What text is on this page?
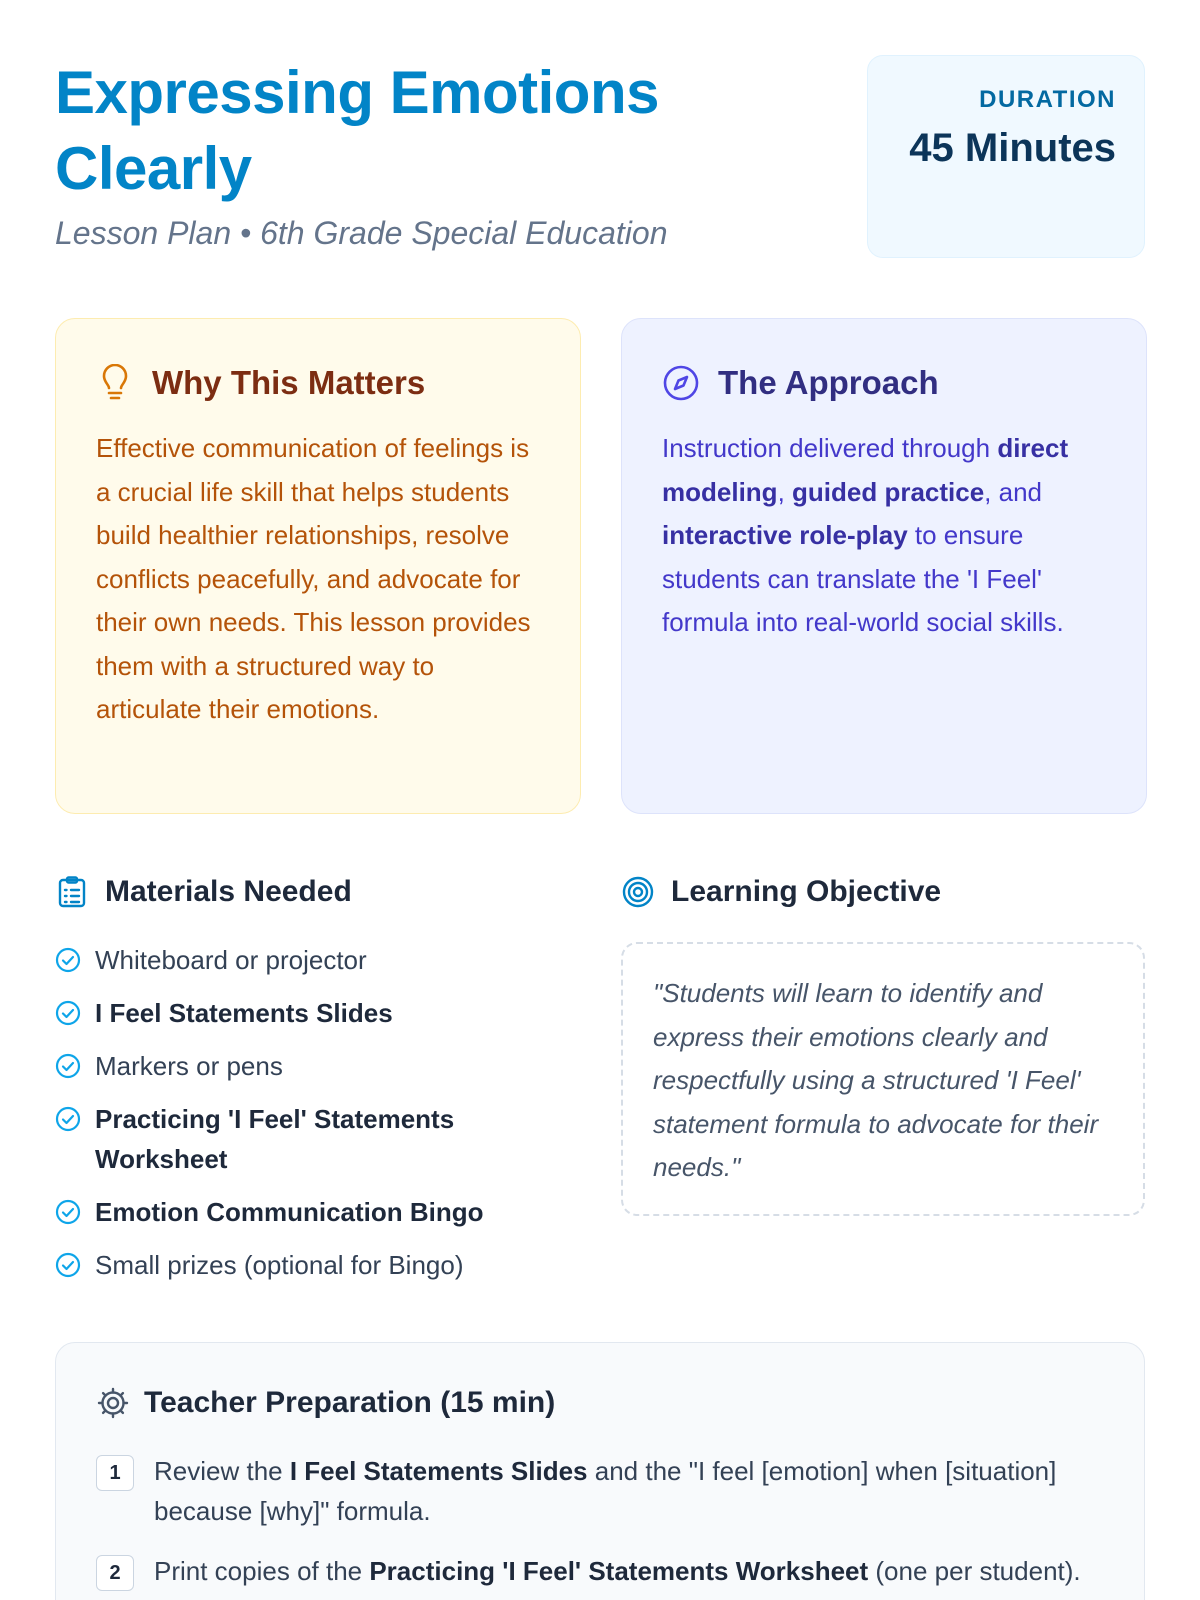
Expressing Emotions Clearly
Lesson Plan • 6th Grade Special Education
DURATION
45 Minutes
Why This Matters

Effective communication of feelings is a crucial life skill that helps students build healthier relationships, resolve conflicts peacefully, and advocate for their own needs. This lesson provides them with a structured way to articulate their emotions.

The Approach

Instruction delivered through direct modeling, guided practice, and interactive role-play to ensure students can translate the 'I Feel' formula into real-world social skills.

Materials Needed
Whiteboard or projector
I Feel Statements Slides
Markers or pens
Practicing 'I Feel' Statements Worksheet
Emotion Communication Bingo
Small prizes (optional for Bingo)
Learning Objective
"Students will learn to identify and express their emotions clearly and respectfully using a structured 'I Feel' statement formula to advocate for their needs."
Teacher Preparation (15 min)
1	Review the I Feel Statements Slides and the "I feel [emotion] when [situation] because [why]" formula.
2	Print copies of the Practicing 'I Feel' Statements Worksheet (one per student).
